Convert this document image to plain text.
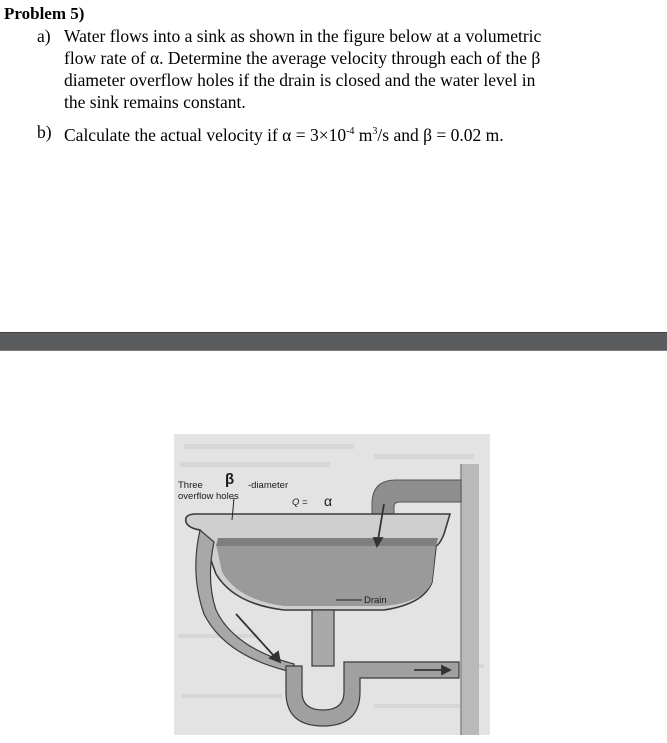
Problem 5)
a) Water flows into a sink as shown in the figure below at a volumetric
flow rate of α. Determine the average velocity through each of the β
diameter overflow holes if the drain is closed and the water level in
the sink remains constant.
b) Calculate the actual velocity if $\alpha = 3\times 10^{-4}$ $m^3/s$ and β = 0.02 m.
Three β -diameter
overflow holes
Q = α
Drain
